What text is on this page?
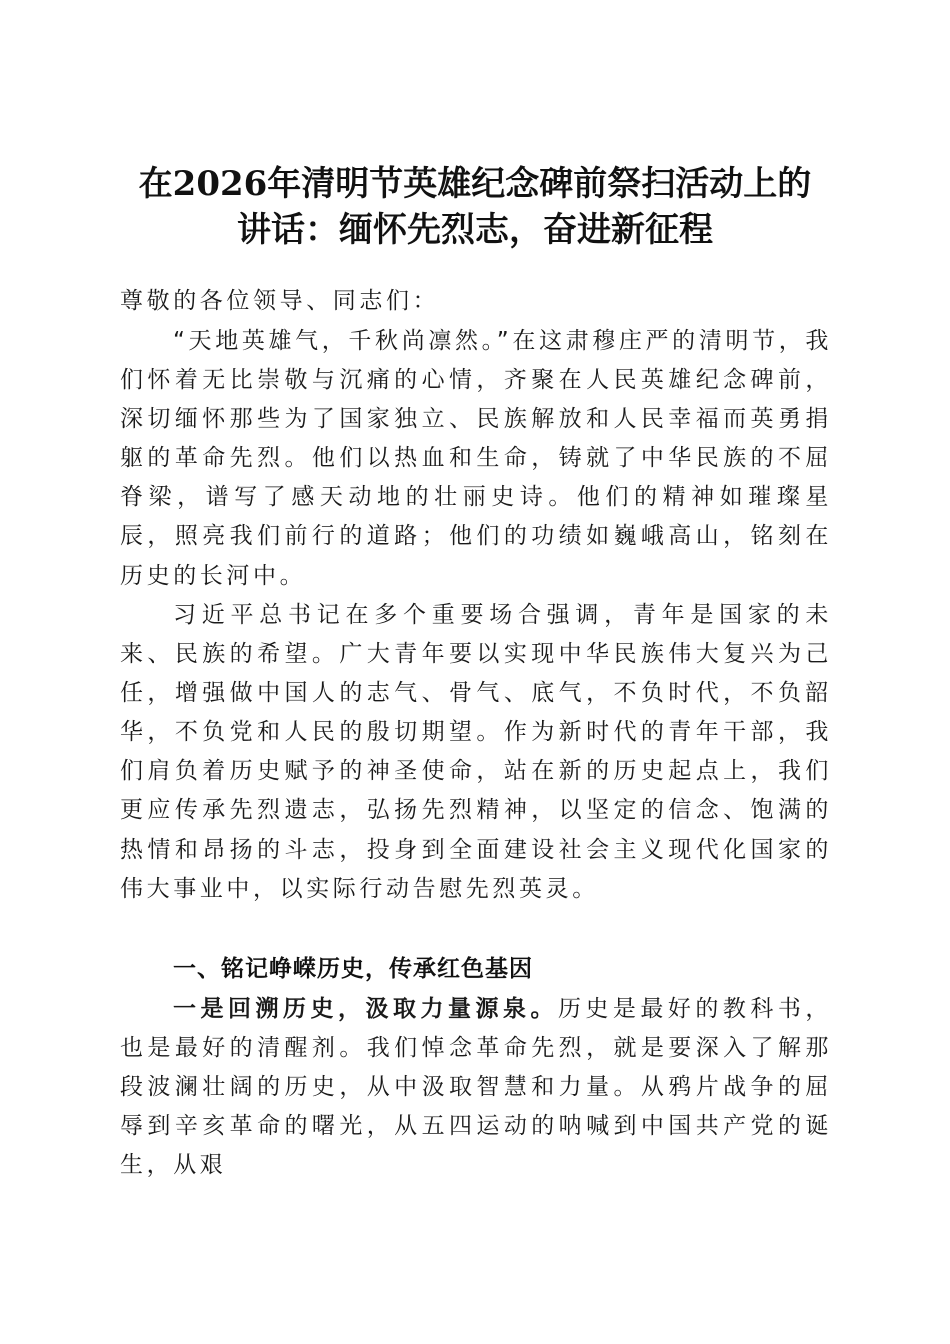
在2026年清明节英雄纪念碑前祭扫活动上的
讲话：缅怀先烈志，奋进新征程

尊敬的各位领导、同志们：

“天地英雄气，千秋尚凛然。”在这肃穆庄严的清明节，我们怀着无比崇敬与沉痛的心情，齐聚在人民英雄纪念碑前，深切缅怀那些为了国家独立、民族解放和人民幸福而英勇捐躯的革命先烈。他们以热血和生命，铸就了中华民族的不屈脊梁，谱写了感天动地的壮丽史诗。他们的精神如璀璨星辰，照亮我们前行的道路；他们的功绩如巍峨高山，铭刻在历史的长河中。

习近平总书记在多个重要场合强调，青年是国家的未来、民族的希望。广大青年要以实现中华民族伟大复兴为己任，增强做中国人的志气、骨气、底气，不负时代，不负韶华，不负党和人民的殷切期望。作为新时代的青年干部，我们肩负着历史赋予的神圣使命，站在新的历史起点上，我们更应传承先烈遗志，弘扬先烈精神，以坚定的信念、饱满的热情和昂扬的斗志，投身到全面建设社会主义现代化国家的伟大事业中，以实际行动告慰先烈英灵。

一、铭记峥嵘历史，传承红色基因

一是回溯历史，汲取力量源泉。历史是最好的教科书，也是最好的清醒剂。我们悼念革命先烈，就是要深入了解那段波澜壮阔的历史，从中汲取智慧和力量。从鸦片战争的屈辱到辛亥革命的曙光，从五四运动的呐喊到中国共产党的诞生，从艰
